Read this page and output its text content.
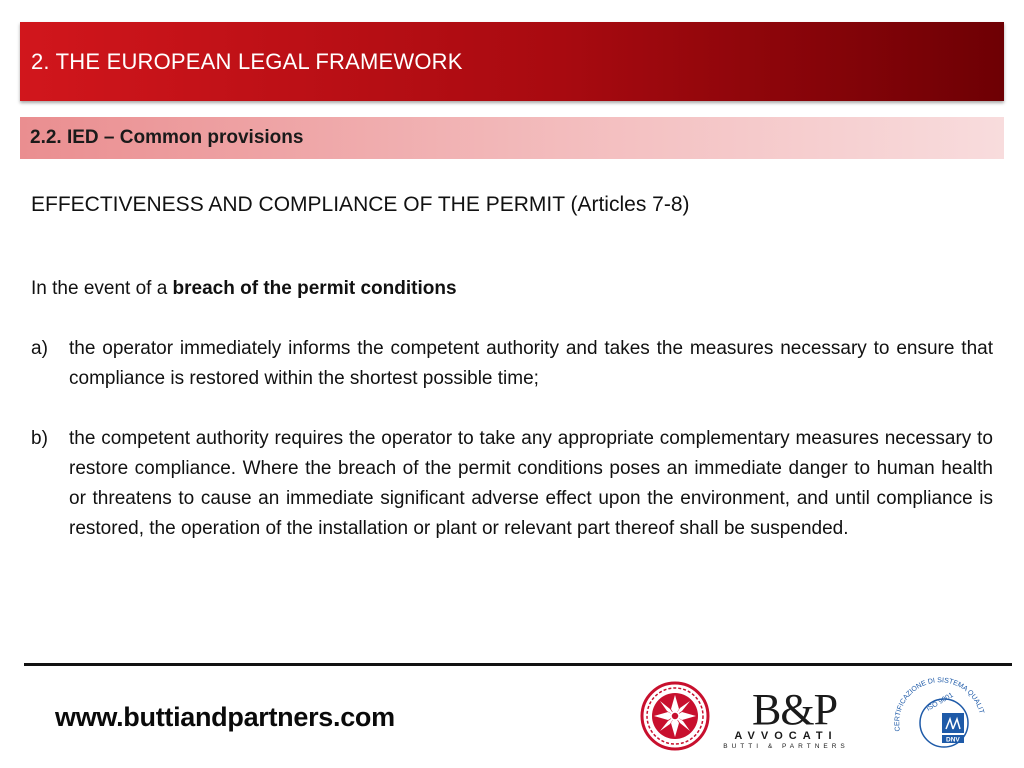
2. THE EUROPEAN LEGAL FRAMEWORK
2.2. IED – Common provisions
EFFECTIVENESS AND COMPLIANCE OF THE PERMIT (Articles 7-8)
In the event of a breach of the permit conditions
a) the operator immediately informs the competent authority and takes the measures necessary to ensure that compliance is restored within the shortest possible time;
b) the competent authority requires the operator to take any appropriate complementary measures necessary to restore compliance. Where the breach of the permit conditions poses an immediate danger to human health or threatens to cause an immediate significant adverse effect upon the environment, and until compliance is restored, the operation of the installation or plant or relevant part thereof shall be suspended.
www.buttiandpartners.com	B&P
AVVOCATI
BUTTI & PARTNERS
CERTIFICAZIONE DI SISTEMA QUALIT
ISO 9001
DNV
